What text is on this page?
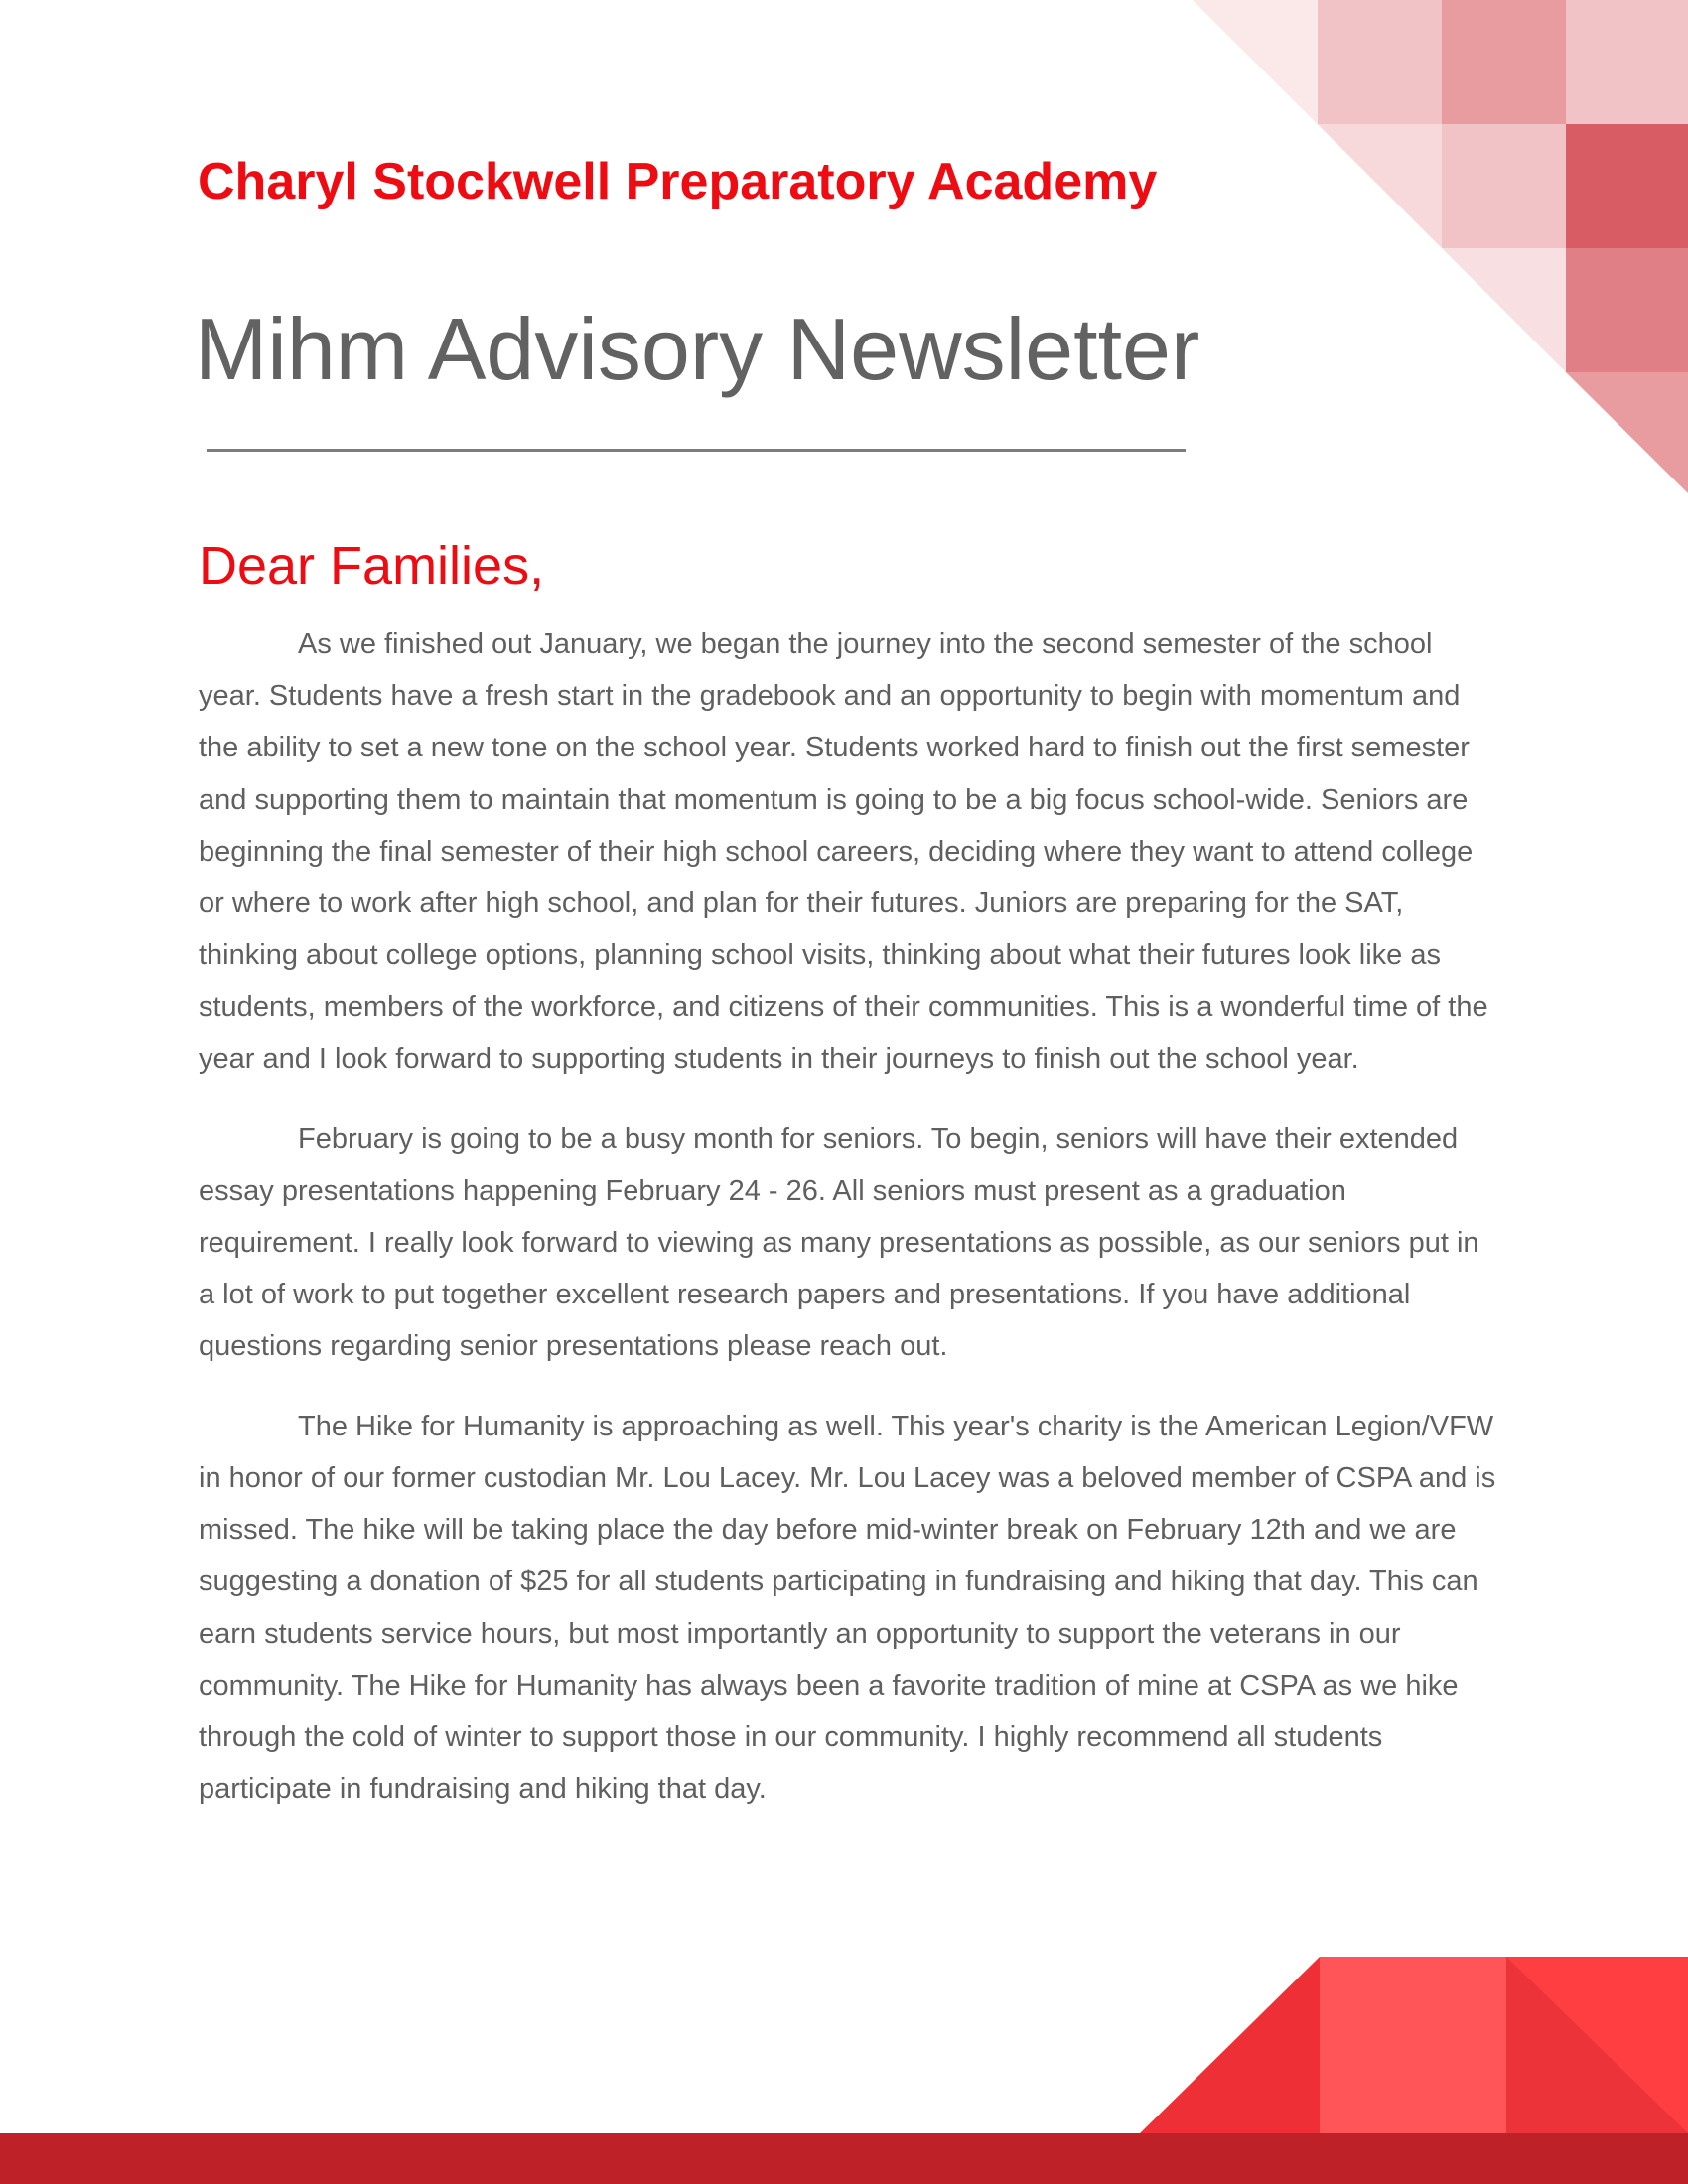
Charyl Stockwell Preparatory Academy
Mihm Advisory Newsletter
Dear Families,

As we finished out January, we began the journey into the second semester of the school year. Students have a fresh start in the gradebook and an opportunity to begin with momentum and the ability to set a new tone on the school year. Students worked hard to finish out the first semester and supporting them to maintain that momentum is going to be a big focus school-wide. Seniors are beginning the final semester of their high school careers, deciding where they want to attend college or where to work after high school, and plan for their futures. Juniors are preparing for the SAT, thinking about college options, planning school visits, thinking about what their futures look like as students, members of the workforce, and citizens of their communities. This is a wonderful time of the year and I look forward to supporting students in their journeys to finish out the school year.

February is going to be a busy month for seniors. To begin, seniors will have their extended essay presentations happening February 24 - 26. All seniors must present as a graduation requirement. I really look forward to viewing as many presentations as possible, as our seniors put in a lot of work to put together excellent research papers and presentations. If you have additional questions regarding senior presentations please reach out.

The Hike for Humanity is approaching as well. This year's charity is the American Legion/VFW in honor of our former custodian Mr. Lou Lacey. Mr. Lou Lacey was a beloved member of CSPA and is missed. The hike will be taking place the day before mid-winter break on February 12th and we are suggesting a donation of $25 for all students participating in fundraising and hiking that day. This can earn students service hours, but most importantly an opportunity to support the veterans in our community. The Hike for Humanity has always been a favorite tradition of mine at CSPA as we hike through the cold of winter to support those in our community. I highly recommend all students participate in fundraising and hiking that day.
